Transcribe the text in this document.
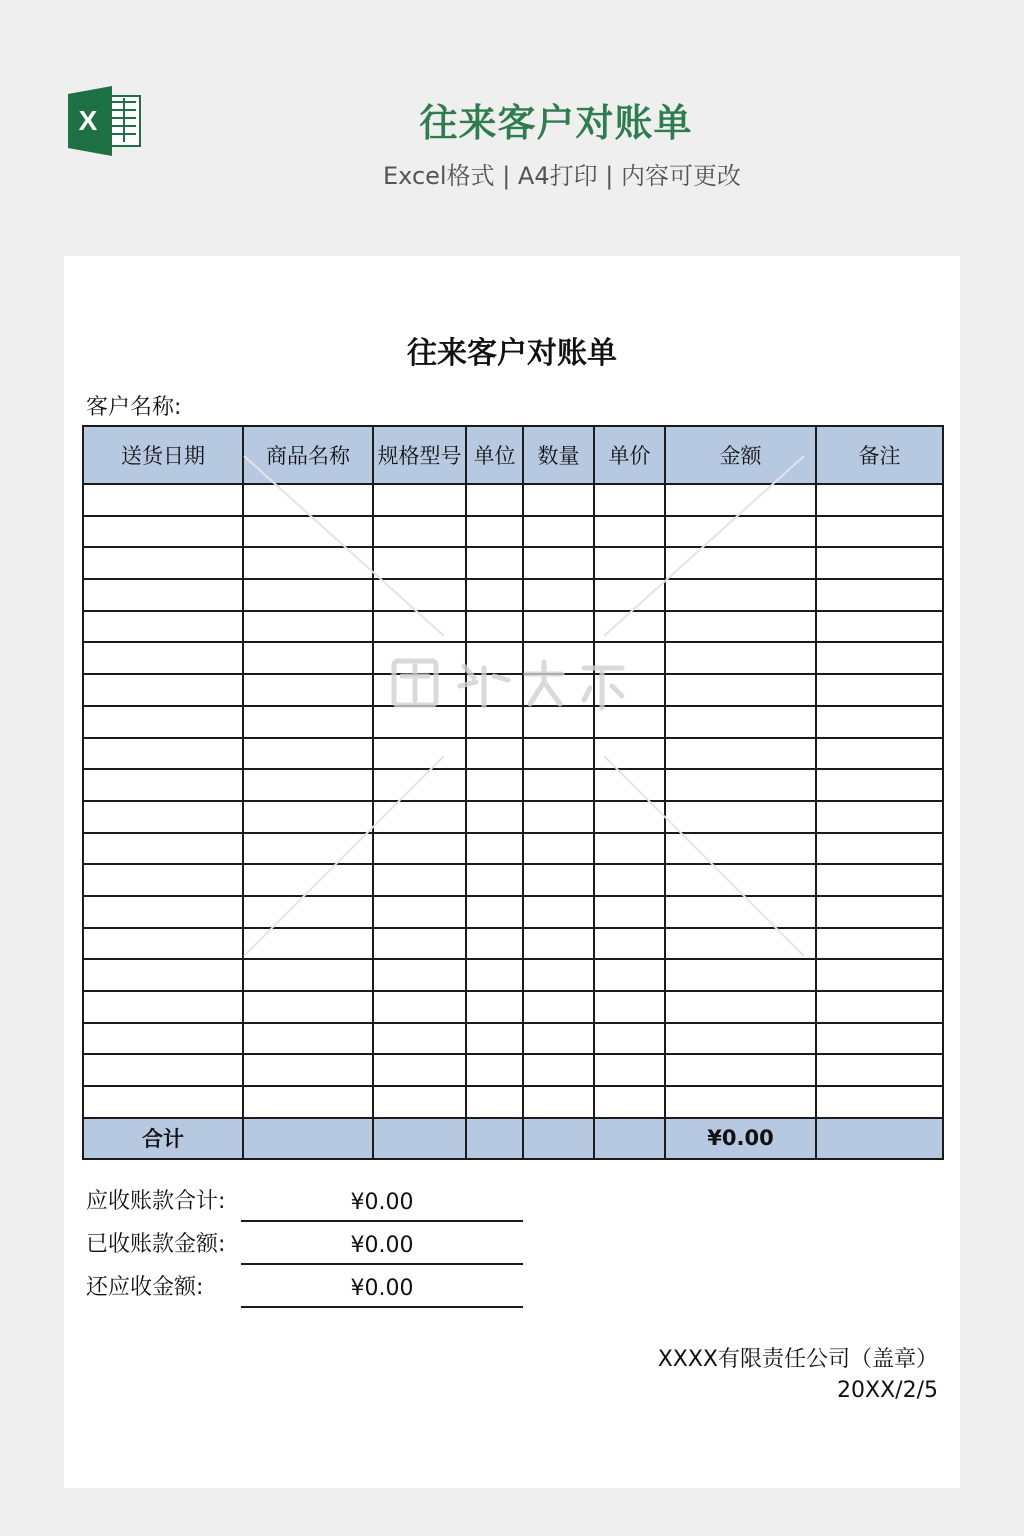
X	往来客户对账单
Excel格式 | A4打印 | 内容可更改
往来客户对账单
客户名称:
送货日期	商品名称	规格型号	单位	数量	单价	金额	备注

合计						¥0.00	
应收账款合计:	¥0.00
已收账款金额:	¥0.00
还应收金额:	¥0.00
XXXX有限责任公司（盖章）
20XX/2/5
